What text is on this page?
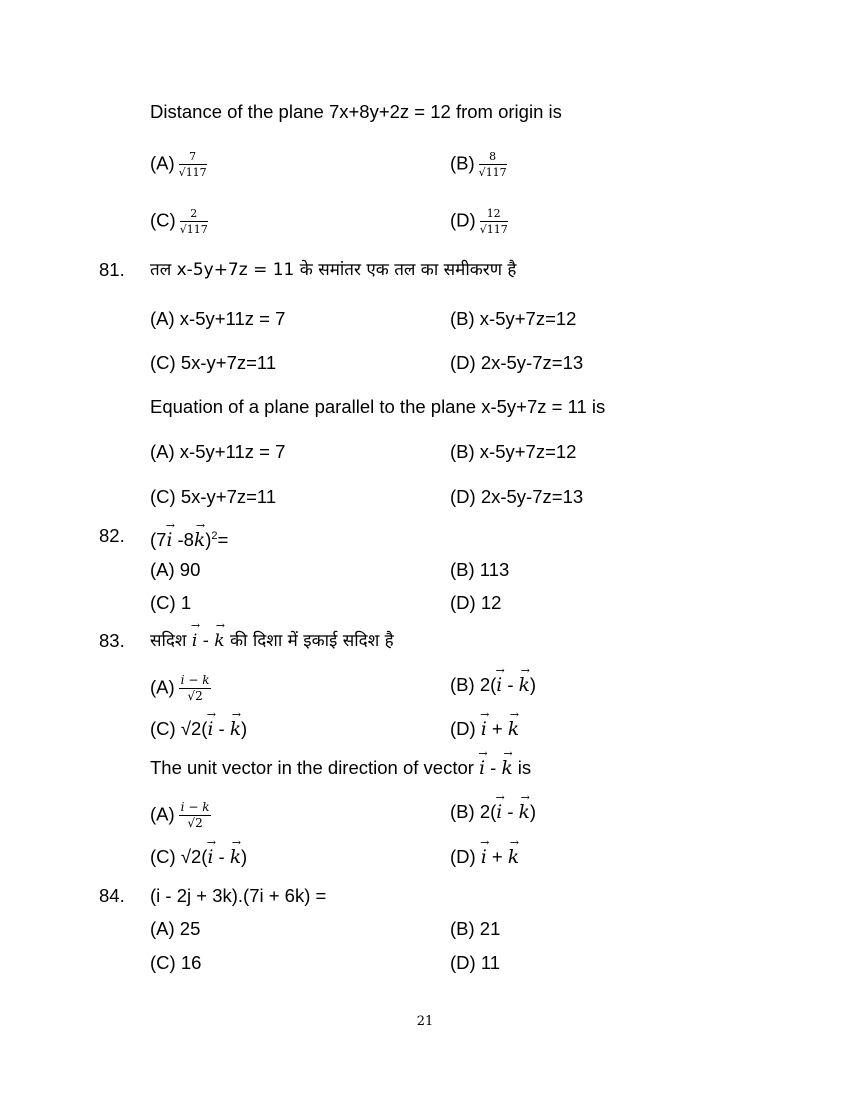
Distance of the plane 7x+8y+2z = 12 from origin is
$(A) \frac{7}{√117}$	$(B) \frac{8}{√117}$
$(C) \frac{2}{√117}$	$(D) \frac{12}{√117}$
81. तल x-5y+7z = 11 के समांतर एक तल का समीकरण है
(A) x-5y+11z = 7	(B) x-5y+7z=12
(C) 5x-y+7z=11	(D) 2x-5y-7z=13
Equation of a plane parallel to the plane x-5y+7z = 11 is
(A) x-5y+11z = 7	(B) x-5y+7z=12
(C) 5x-y+7z=11	(D) 2x-5y-7z=13
82. (7→ i -8→ k)$^2$=
(A) 90	(B) 113
(C) 1	(D) 12
83. सदिश → i - → k की दिशा में इकाई सदिश है
$(A) \frac{i - k}{√2}$	(B) 2(→ i - → k)
(C) √2(→ i - → k)	(D) → i + → k
The unit vector in the direction of vector → i - → k is
$(A) \frac{i - k}{√2}$	(B) 2(→ i - → k)
(C) √2(→ i - → k)	(D) → i + → k
84. (i - 2j + 3k).(7i + 6k) =
(A) 25	(B) 21
(C) 16	(D) 11
21
